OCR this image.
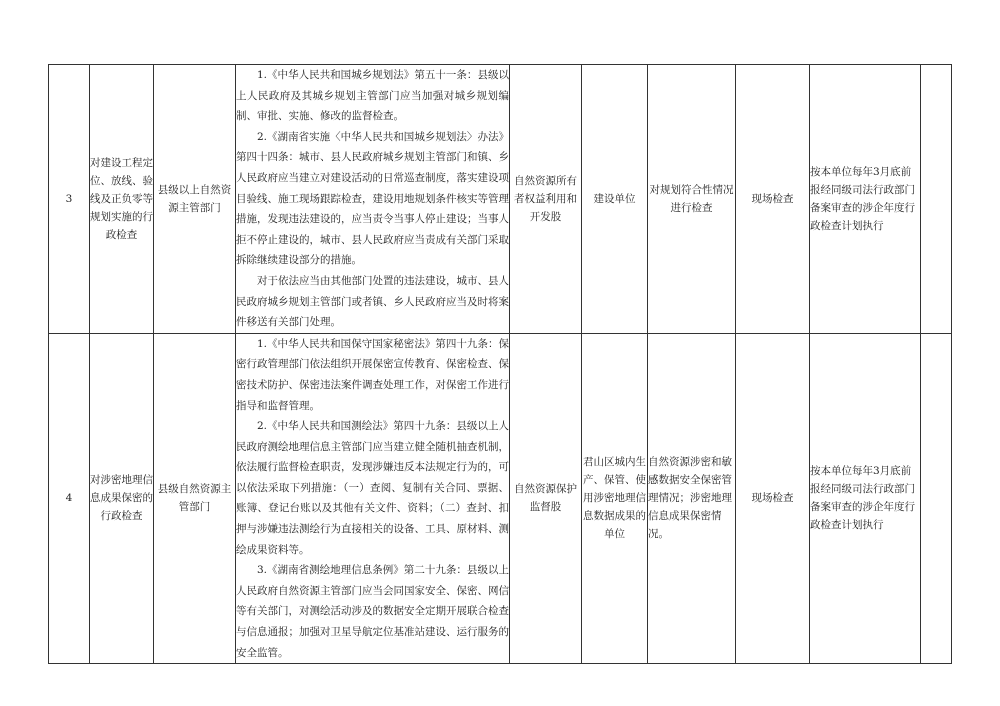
3	对建设工程定位、放线、验线及正负零等规划实施的行政检查	县级以上自然资源主管部门	1.《中华人民共和国城乡规划法》第五十一条：县级以上人民政府及其城乡规划主管部门应当加强对城乡规划编制、审批、实施、修改的监督检查。

2.《湖南省实施〈中华人民共和国城乡规划法〉办法》第四十四条：城市、县人民政府城乡规划主管部门和镇、乡人民政府应当建立对建设活动的日常巡查制度，落实建设项目验线、施工现场跟踪检查，建设用地规划条件核实等管理措施，发现违法建设的，应当责令当事人停止建设；当事人拒不停止建设的，城市、县人民政府应当责成有关部门采取拆除继续建设部分的措施。

对于依法应当由其他部门处置的违法建设，城市、县人民政府城乡规划主管部门或者镇、乡人民政府应当及时将案件移送有关部门处理。	自然资源所有者权益利用和开发股	建设单位	对规划符合性情况进行检查	现场检查	按本单位每年3月底前报经同级司法行政部门备案审查的涉企年度行政检查计划执行	

4	对涉密地理信息成果保密的行政检查	县级自然资源主管部门	1.《中华人民共和国保守国家秘密法》第四十九条：保密行政管理部门依法组织开展保密宣传教育、保密检查、保密技术防护、保密违法案件调查处理工作，对保密工作进行指导和监督管理。

2.《中华人民共和国测绘法》第四十九条：县级以上人民政府测绘地理信息主管部门应当建立健全随机抽查机制，依法履行监督检查职责，发现涉嫌违反本法规定行为的，可以依法采取下列措施：（一）查阅、复制有关合同、票据、账簿、登记台账以及其他有关文件、资料；（二）查封、扣押与涉嫌违法测绘行为直接相关的设备、工具、原材料、测绘成果资料等。

3.《湖南省测绘地理信息条例》第二十九条：县级以上人民政府自然资源主管部门应当会同国家安全、保密、网信等有关部门，对测绘活动涉及的数据安全定期开展联合检查与信息通报；加强对卫星导航定位基准站建设、运行服务的安全监管。	自然资源保护监督股	君山区城内生产、保管、使用涉密地理信息数据成果的单位	自然资源涉密和敏感数据安全保密管理情况；涉密地理信息成果保密情况。	现场检查	按本单位每年3月底前报经同级司法行政部门备案审查的涉企年度行政检查计划执行	
